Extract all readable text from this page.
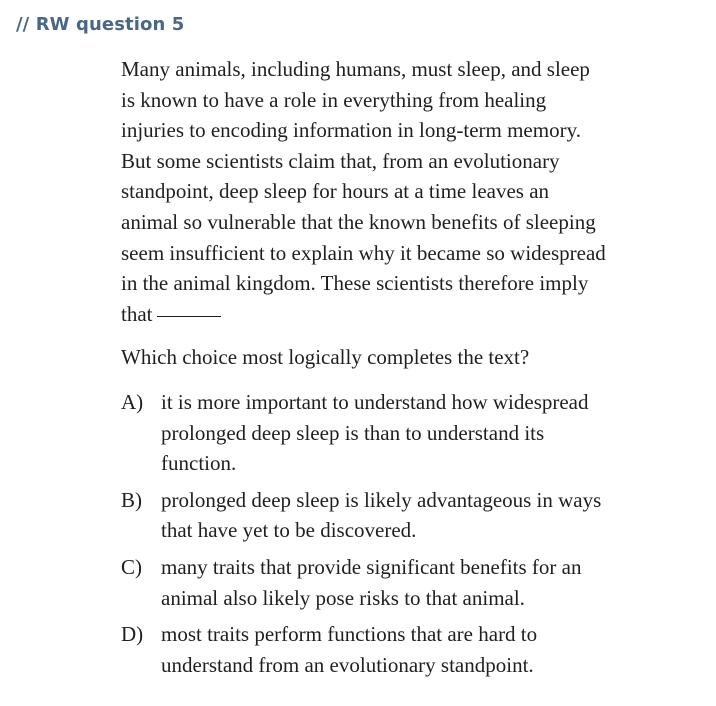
// RW question 5
Many animals, including humans, must sleep, and sleep
is known to have a role in everything from healing
injuries to encoding information in long-term memory.
But some scientists claim that, from an evolutionary
standpoint, deep sleep for hours at a time leaves an
animal so vulnerable that the known benefits of sleeping
seem insufficient to explain why it became so widespread
in the animal kingdom. These scientists therefore imply
that
Which choice most logically completes the text?
A) it is more important to understand how widespread
prolonged deep sleep is than to understand its
function.
B) prolonged deep sleep is likely advantageous in ways
that have yet to be discovered.
C) many traits that provide significant benefits for an
animal also likely pose risks to that animal.
D) most traits perform functions that are hard to
understand from an evolutionary standpoint.
